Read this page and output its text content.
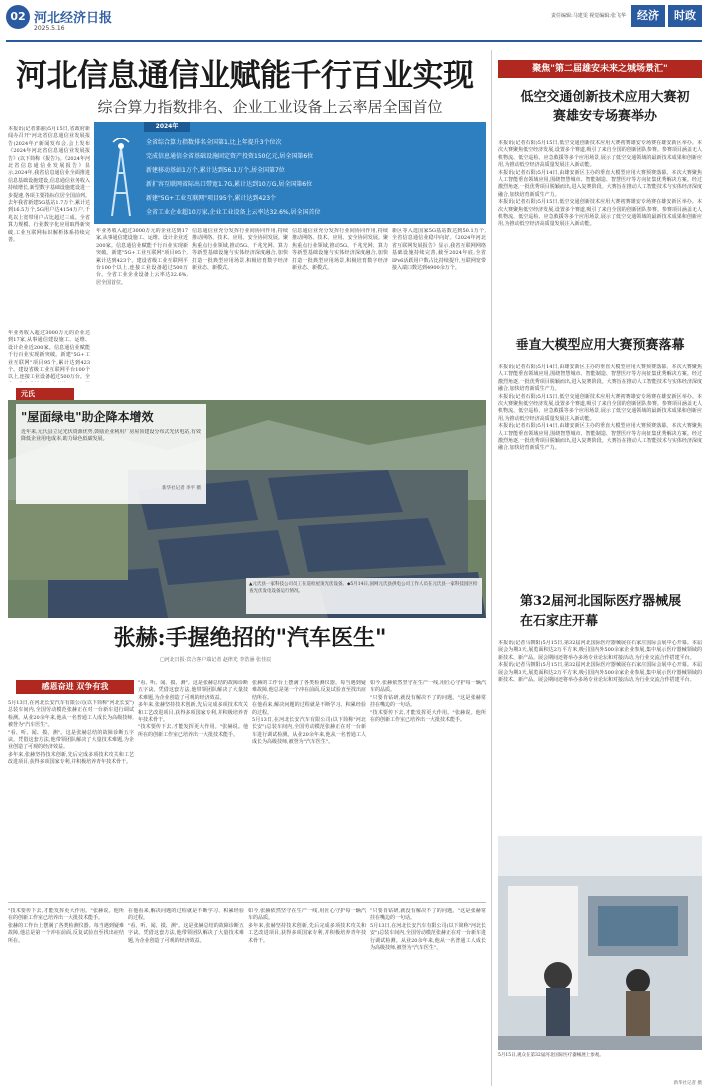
02 河北经济日报
2025.5.16
责任编辑:马建雯 视觉编辑:张飞华	经济	时政
河北信息通信业赋能千行百业实现
综合算力指数排名、企业工业设备上云率居全国首位
本报讯(记者郭丽)5月15日,省政府新闻办召开"河北省信息通信业发展报告(2024年)"新闻发布会,会上发布《2024年河北省信息通信业发展报告》(以下简称《报告》)。《2024年河北省信息通信业发展报告》显示,2024年,我省信息通信业全面推进信息基础设施建设,信息通信业务收入持续增长,新型数字基础设施建设进一步提速,各项主要指标位居全国前列。去年我省新建5G基站1.7万个,累计达到16.5万个,5G用户达4154万户,千兆以上宽带用户占比超过三成。全省算力规模、行业数字化应用取得新突破,工业互联网标识解析体系持续完善。
年业务收入超过3000万元的企业达到17家,从事通信建设施工、运维、设计企业近200家。信息通信业赋能千行百业实现新突破。新建"5G+工业互联网"项目95个,累计达到423个。建设省级工业互联网平台100个以上,连接工业设备超过500万台。全
2024年
全省综合算力指数排名全国第1,比上年提升3个位次
完成信息通信全省基础设施固定资产投资150亿元,居全国第6位
新建移动基站1万个,累计达到56.1万个,居全国第7位
新扩容互联网省际出口带宽1.7G,累计达到10万G,居全国第6位
新建"5G+工业互联网"项目95个,累计达到423个
全省工业企业超10万家,企业工业设备上云率达32.6%,居全国首位
年业务收入超过3000万元的企业达到17家,从事通信建设施工、运维、设计企业近200家。信息通信业赋能千行百业实现新突破。新建"5G+工业互联网"项目95个,累计达到423个。建设省级工业互联网平台100个以上,连接工业设备超过500万台。全省工业企业设备上云率达32.6%,居全国首位。
信息通信业充分发挥行业间协同作用,持续推动网络、技术、应用、安全协同发展。聚焦重点行业领域,推动5G、千兆光网、算力等新型基础设施与实体经济深度融合,加快打造一批典型应用场景,积极培育数字经济新业态、新模式。
信息通信业充分发挥行业间协同作用,持续推动网络、技术、应用、安全协同发展。聚焦重点行业领域,推动5G、千兆光网、算力等新型基础设施与实体经济深度融合,加快打造一批典型应用场景,积极培育数字经济新业态、新模式。
新区等入选国家5G基站数达到50.1万个,全省信息通信业稳中向好。《2024年河北省互联网发展报告》显示,我省互联网网络基础设施持续完善,截至2024年底,全省IPv6活跃用户数占比持续提升,互联网宽带接入端口数达到4900余万个。
元氏
"屋面绿电"助企降本增效
近年来,元氏县立足光伏资源优势,鼓励企业利用厂房屋顶建设分布式光伏电站,有效降低企业用电成本,助力绿色低碳发展。
新华社记者 李平 摄
▲元氏县一家科技公司员工在巡检屋顶光伏设备。◆5月14日,国网元氏县供电公司工作人员在元氏县一家科技园区检查光伏发电设备运行情况。
张赫:手握绝招的"汽车医生"
□河北日报·宾合客户端记者 赵律光 李浩涵 张佳辰
感恩奋进 双争有我
5月13日,在河北长安汽车有限公司(以下简称"河北长安")总装车间内,全国劳动模范张赫正在对一台新车进行调试检测。从业20余年来,他从一名普通工人成长为高级技师,被誉为"汽车医生"。
"看、听、闻、摸、测"。这是张赫总结的故障诊断五字诀。凭借这套方法,他带领团队解决了大量技术难题,为企业创造了可观的经济效益。
多年来,张赫坚持技术创新,先后完成多项技术攻关和工艺改进项目,获得多项国家专利,并积极培养青年技术骨干。
"看、听、闻、摸、测"。这是张赫总结的故障诊断五字诀。凭借这套方法,他带领团队解决了大量技术难题,为企业创造了可观的经济效益。
多年来,张赫坚持技术创新,先后完成多项技术攻关和工艺改进项目,获得多项国家专利,并积极培养青年技术骨干。
"技术要传下去,才能发挥更大作用。"张赫说。他所在的创新工作室已培养出一大批技术能手。
张赫的工作台上摆满了各类检测仪器。每当遇到疑难故障,他总是第一个冲在前面,反复试验直至找出症结所在。
在他看来,解决问题的过程就是不断学习、积累经验的过程。
5月13日,在河北长安汽车有限公司(以下简称"河北长安")总装车间内,全国劳动模范张赫正在对一台新车进行调试检测。从业20余年来,他从一名普通工人成长为高级技师,被誉为"汽车医生"。
如今,张赫依然坚守在生产一线,用匠心守护每一辆汽车的品质。
"只要肯钻研,就没有解决不了的问题。"这是张赫常挂在嘴边的一句话。
"技术要传下去,才能发挥更大作用。"张赫说。他所在的创新工作室已培养出一大批技术能手。
"技术要传下去,才能发挥更大作用。"张赫说。他所在的创新工作室已培养出一大批技术能手。
张赫的工作台上摆满了各类检测仪器。每当遇到疑难故障,他总是第一个冲在前面,反复试验直至找出症结所在。
在他看来,解决问题的过程就是不断学习、积累经验的过程。
"看、听、闻、摸、测"。这是张赫总结的故障诊断五字诀。凭借这套方法,他带领团队解决了大量技术难题,为企业创造了可观的经济效益。
如今,张赫依然坚守在生产一线,用匠心守护每一辆汽车的品质。
多年来,张赫坚持技术创新,先后完成多项技术攻关和工艺改进项目,获得多项国家专利,并积极培养青年技术骨干。
"只要肯钻研,就没有解决不了的问题。"这是张赫常挂在嘴边的一句话。
5月13日,在河北长安汽车有限公司(以下简称"河北长安")总装车间内,全国劳动模范张赫正在对一台新车进行调试检测。从业20余年来,他从一名普通工人成长为高级技师,被誉为"汽车医生"。
聚焦"第二届雄安未来之城场景汇"
低空交通创新技术应用大赛初赛雄安专场赛举办
本报讯(记者石阳)5月15日,低空交通创新技术应用大赛初赛雄安专场赛在雄安新区举办。本次大赛聚焦低空经济发展,设置多个赛道,吸引了来自全国的创新团队参赛。参赛项目涵盖无人机物流、低空巡检、应急救援等多个应用场景,展示了低空交通领域的最新技术成果和创新应用,为推动低空经济高质量发展注入新动能。
本报讯(记者石阳)5月14日,由雄安新区主办的垂直大模型应用大赛预赛落幕。本次大赛聚焦人工智能垂直领域应用,围绕智慧城市、智能制造、智慧医疗等方向征集优秀解决方案。经过激烈角逐,一批优秀项目脱颖而出,进入复赛阶段。大赛旨在推动人工智能技术与实体经济深度融合,加快培育新质生产力。
本报讯(记者石阳)5月15日,低空交通创新技术应用大赛初赛雄安专场赛在雄安新区举办。本次大赛聚焦低空经济发展,设置多个赛道,吸引了来自全国的创新团队参赛。参赛项目涵盖无人机物流、低空巡检、应急救援等多个应用场景,展示了低空交通领域的最新技术成果和创新应用,为推动低空经济高质量发展注入新动能。
垂直大模型应用大赛预赛落幕
本报讯(记者石阳)5月14日,由雄安新区主办的垂直大模型应用大赛预赛落幕。本次大赛聚焦人工智能垂直领域应用,围绕智慧城市、智能制造、智慧医疗等方向征集优秀解决方案。经过激烈角逐,一批优秀项目脱颖而出,进入复赛阶段。大赛旨在推动人工智能技术与实体经济深度融合,加快培育新质生产力。
本报讯(记者石阳)5月15日,低空交通创新技术应用大赛初赛雄安专场赛在雄安新区举办。本次大赛聚焦低空经济发展,设置多个赛道,吸引了来自全国的创新团队参赛。参赛项目涵盖无人机物流、低空巡检、应急救援等多个应用场景,展示了低空交通领域的最新技术成果和创新应用,为推动低空经济高质量发展注入新动能。
本报讯(记者石阳)5月14日,由雄安新区主办的垂直大模型应用大赛预赛落幕。本次大赛聚焦人工智能垂直领域应用,围绕智慧城市、智能制造、智慧医疗等方向征集优秀解决方案。经过激烈角逐,一批优秀项目脱颖而出,进入复赛阶段。大赛旨在推动人工智能技术与实体经济深度融合,加快培育新质生产力。
第32届河北国际医疗器械展在石家庄开幕
本报讯(记者马朝阳)5月15日,第32届河北国际医疗器械展在石家庄国际会展中心开幕。本届展会为期3天,展览面积达2万平方米,吸引国内外500余家企业参展,集中展示医疗器械领域的新技术、新产品。展会期间还将举办多场专业论坛和对接活动,为行业交流合作搭建平台。
本报讯(记者马朝阳)5月15日,第32届河北国际医疗器械展在石家庄国际会展中心开幕。本届展会为期3天,展览面积达2万平方米,吸引国内外500余家企业参展,集中展示医疗器械领域的新技术、新产品。展会期间还将举办多场专业论坛和对接活动,为行业交流合作搭建平台。
5月15日,观众在第32届河北国际医疗器械展上参观。
新华社记者 摄
